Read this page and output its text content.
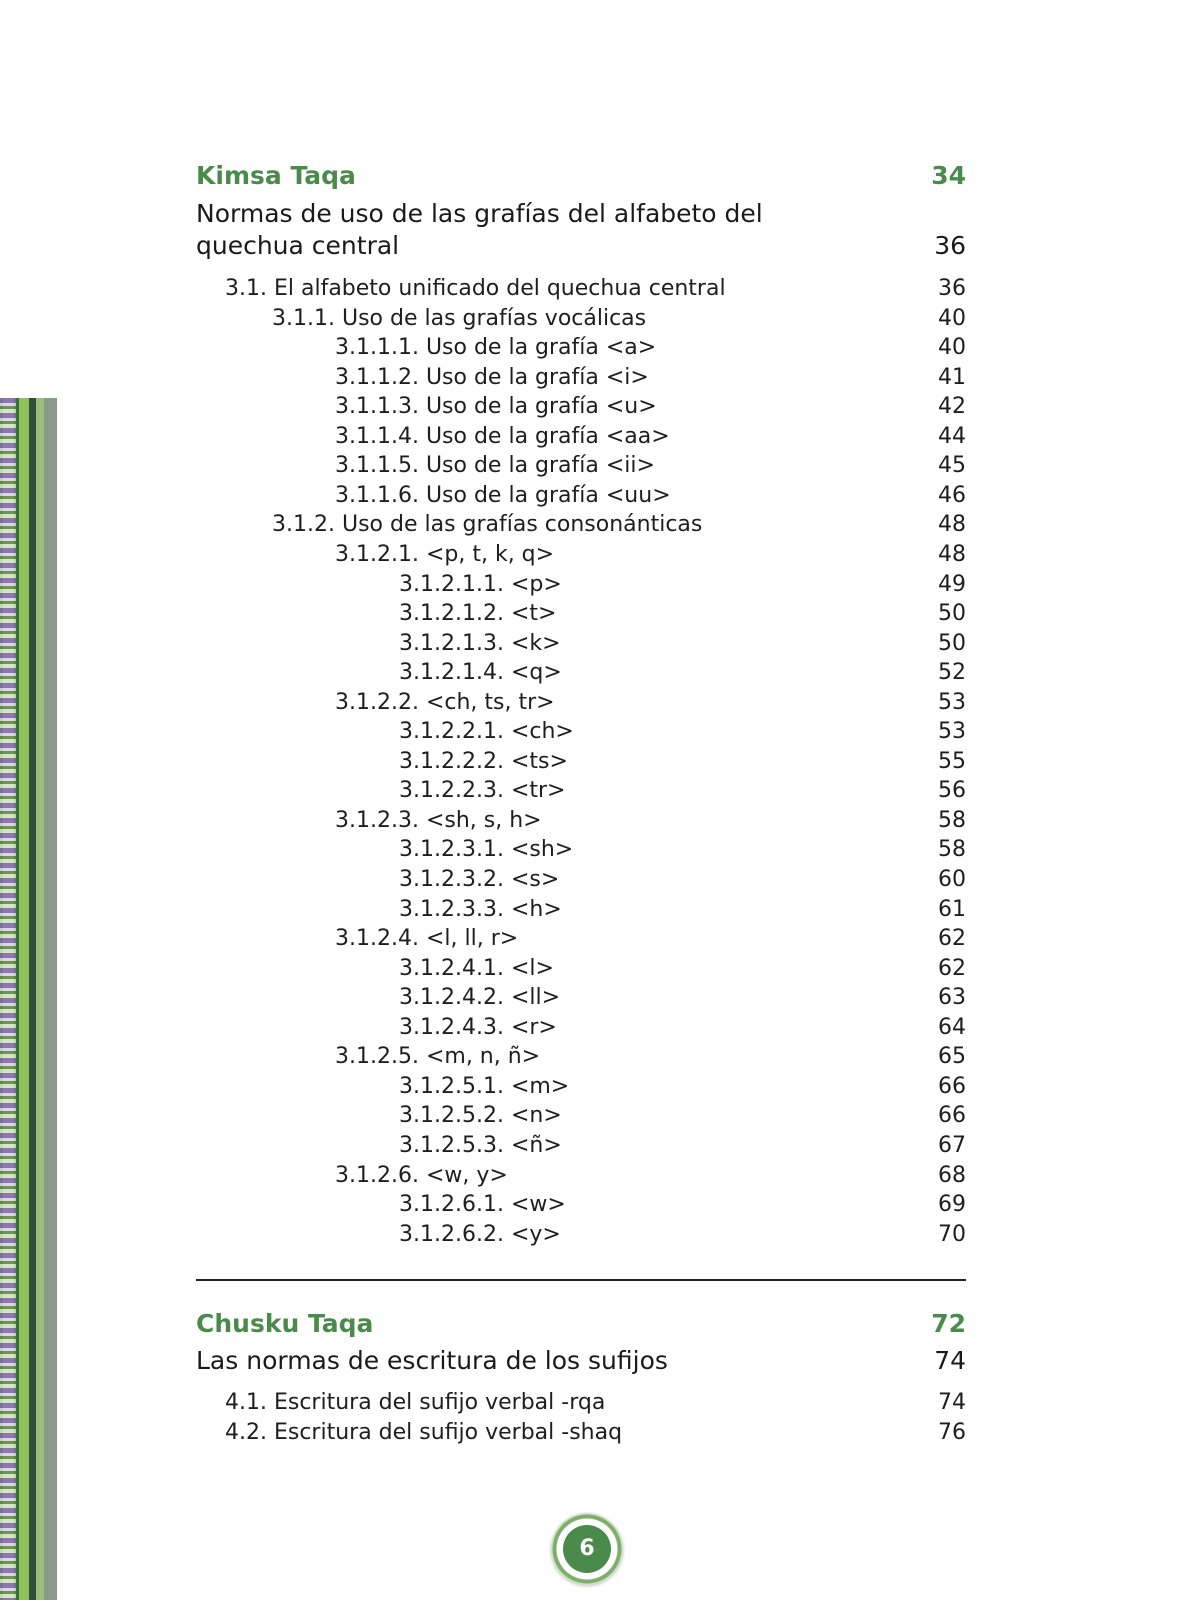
Kimsa Taqa	34
Normas de uso de las grafías del alfabeto del quechua central	36
3.1. El alfabeto unificado del quechua central	36
3.1.1. Uso de las grafías vocálicas	40
3.1.1.1. Uso de la grafía <a>	40
3.1.1.2. Uso de la grafía <i>	41
3.1.1.3. Uso de la grafía <u>	42
3.1.1.4. Uso de la grafía <aa>	44
3.1.1.5. Uso de la grafía <ii>	45
3.1.1.6. Uso de la grafía <uu>	46
3.1.2. Uso de las grafías consonánticas	48
3.1.2.1. <p, t, k, q>	48
3.1.2.1.1. <p>	49
3.1.2.1.2. <t>	50
3.1.2.1.3. <k>	50
3.1.2.1.4. <q>	52
3.1.2.2. <ch, ts, tr>	53
3.1.2.2.1. <ch>	53
3.1.2.2.2. <ts>	55
3.1.2.2.3. <tr>	56
3.1.2.3. <sh, s, h>	58
3.1.2.3.1. <sh>	58
3.1.2.3.2. <s>	60
3.1.2.3.3. <h>	61
3.1.2.4. <l, ll, r>	62
3.1.2.4.1. <l>	62
3.1.2.4.2. <ll>	63
3.1.2.4.3. <r>	64
3.1.2.5. <m, n, ñ>	65
3.1.2.5.1. <m>	66
3.1.2.5.2. <n>	66
3.1.2.5.3. <ñ>	67
3.1.2.6. <w, y>	68
3.1.2.6.1. <w>	69
3.1.2.6.2. <y>	70
Chusku Taqa	72
Las normas de escritura de los sufijos	74
4.1. Escritura del sufijo verbal -rqa	74
4.2. Escritura del sufijo verbal -shaq	76
6
